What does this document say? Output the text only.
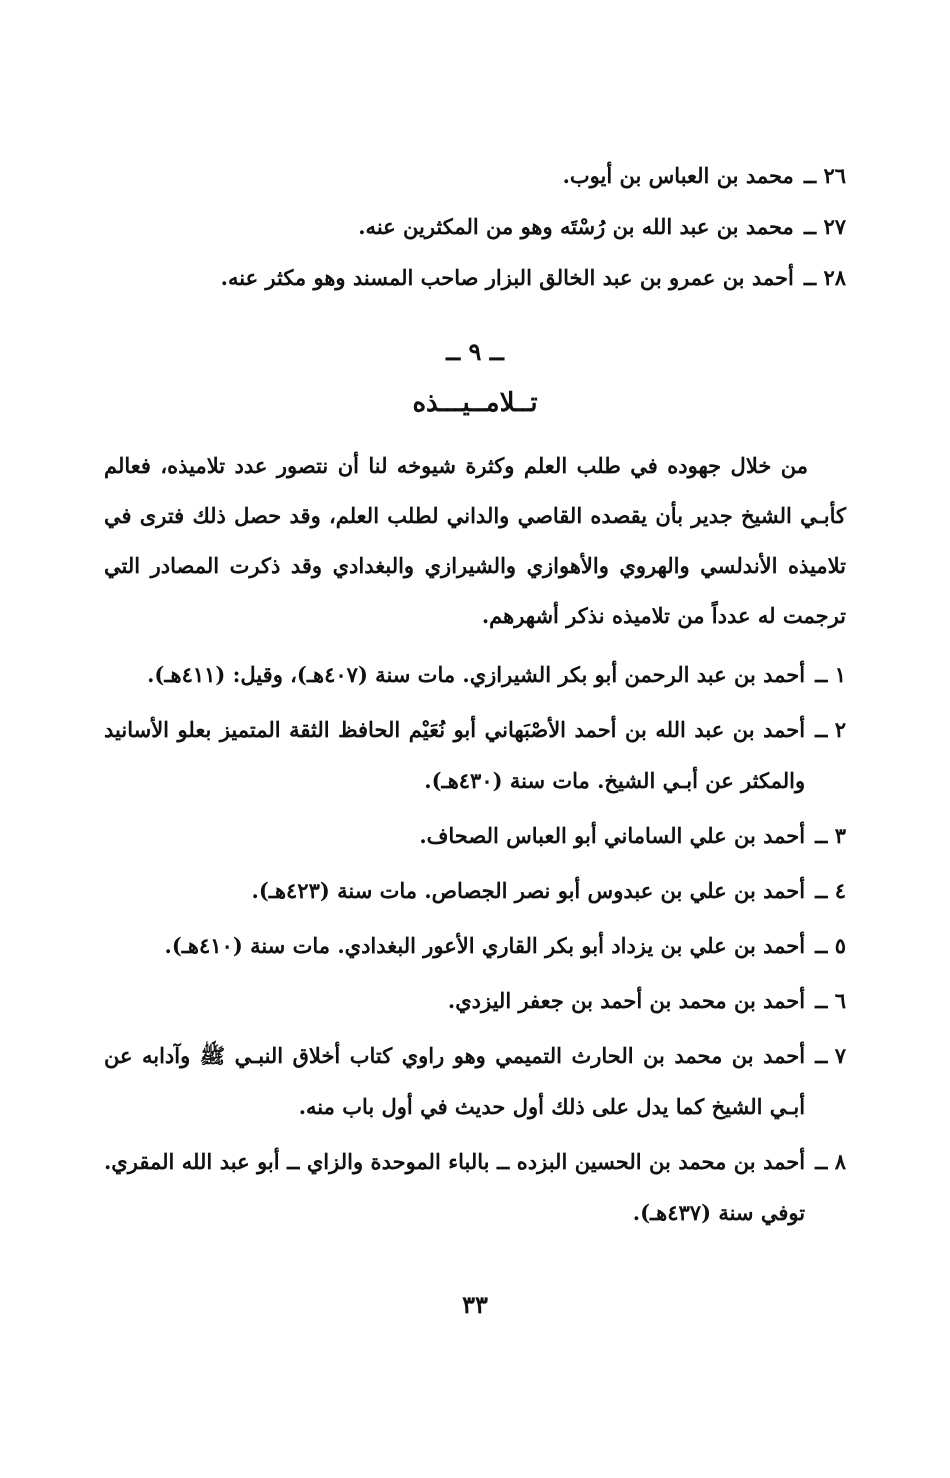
٢٦ ــ
محمد بن العباس بن أيوب.
٢٧ ــ
محمد بن عبد الله بن رُسْتَه وهو من المكثرين عنه.
٢٨ ــ
أحمد بن عمرو بن عبد الخالق البزار صاحب المسند وهو مكثر عنه.
ــ ٩ ــ
تــلامــيـــذه

من خلال جهوده في طلب العلم وكثرة شيوخه لنا أن نتصور عدد تلاميذه، فعالم كأبـي الشيخ جدير بأن يقصده القاصي والداني لطلب العلم، وقد حصل ذلك فترى في تلاميذه الأندلسي والهروي والأهوازي والشيرازي والبغدادي وقد ذكرت المصادر التي ترجمت له عدداً من تلاميذه نذكر أشهرهم.

١ ــ
أحمد بن عبد الرحمن أبو بكر الشيرازي. مات سنة (٤٠٧هـ)، وقيل: (٤١١هـ).
٢ ــ
أحمد بن عبد الله بن أحمد الأصْبَهاني أبو نُعَيْم الحافظ الثقة المتميز بعلو الأسانيد والمكثر عن أبـي الشيخ. مات سنة (٤٣٠هـ).
٣ ــ
أحمد بن علي الساماني أبو العباس الصحاف.
٤ ــ
أحمد بن علي بن عبدوس أبو نصر الجصاص. مات سنة (٤٢٣هـ).
٥ ــ
أحمد بن علي بن يزداد أبو بكر القاري الأعور البغدادي. مات سنة (٤١٠هـ).
٦ ــ
أحمد بن محمد بن أحمد بن جعفر اليزدي.
٧ ــ
أحمد بن محمد بن الحارث التميمي وهو راوي كتاب أخلاق النبـي ﷺ وآدابه عن أبـي الشيخ كما يدل على ذلك أول حديث في أول باب منه.
٨ ــ
أحمد بن محمد بن الحسين البزده ــ بالباء الموحدة والزاي ــ أبو عبد الله المقري. توفي سنة (٤٣٧هـ).
٣٣
